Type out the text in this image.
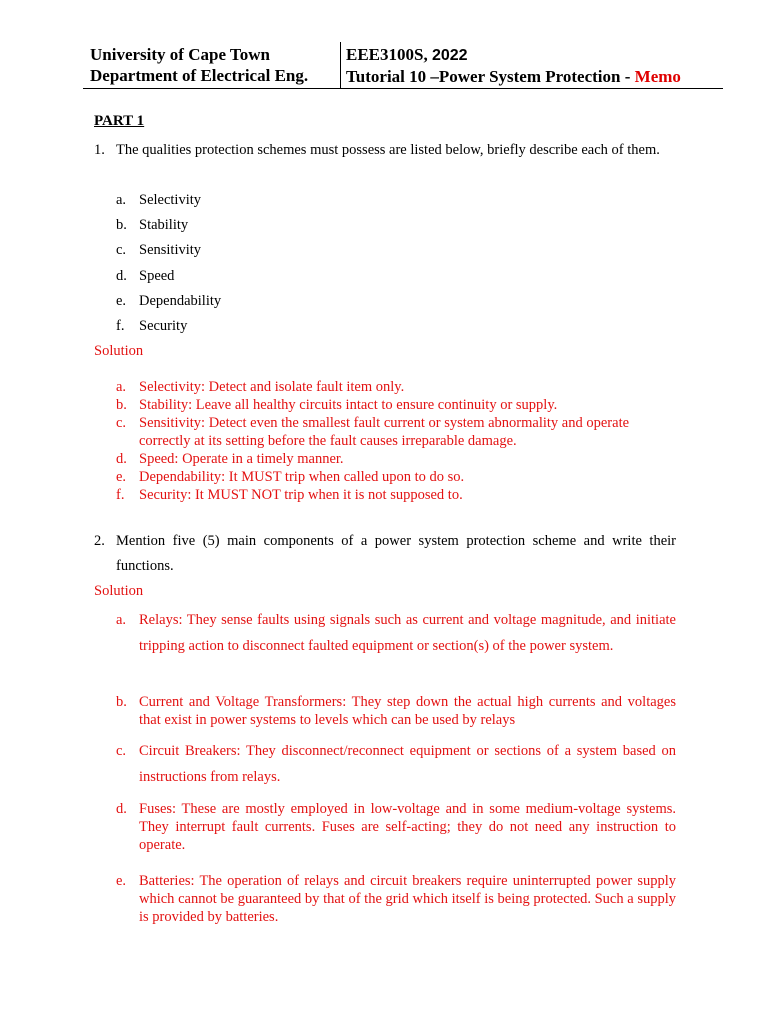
University of Cape Town
Department of Electrical Eng.
EEE3100S, 2022
Tutorial 10 –Power System Protection - Memo
PART 1
1. The qualities protection schemes must possess are listed below, briefly describe each of them.
a. Selectivity
b. Stability
c. Sensitivity
d. Speed
e. Dependability
f. Security
Solution
a. Selectivity: Detect and isolate fault item only.
b. Stability: Leave all healthy circuits intact to ensure continuity or supply.
c. Sensitivity: Detect even the smallest fault current or system abnormality and operate correctly at its setting before the fault causes irreparable damage.
d. Speed: Operate in a timely manner.
e. Dependability: It MUST trip when called upon to do so.
f. Security: It MUST NOT trip when it is not supposed to.
2. Mention five (5) main components of a power system protection scheme and write their functions.
Solution
a. Relays: They sense faults using signals such as current and voltage magnitude, and initiate tripping action to disconnect faulted equipment or section(s) of the power system.
b. Current and Voltage Transformers: They step down the actual high currents and voltages that exist in power systems to levels which can be used by relays
c. Circuit Breakers: They disconnect/reconnect equipment or sections of a system based on instructions from relays.
d. Fuses: These are mostly employed in low-voltage and in some medium-voltage systems. They interrupt fault currents. Fuses are self-acting; they do not need any instruction to operate.
e. Batteries: The operation of relays and circuit breakers require uninterrupted power supply which cannot be guaranteed by that of the grid which itself is being protected. Such a supply is provided by batteries.
